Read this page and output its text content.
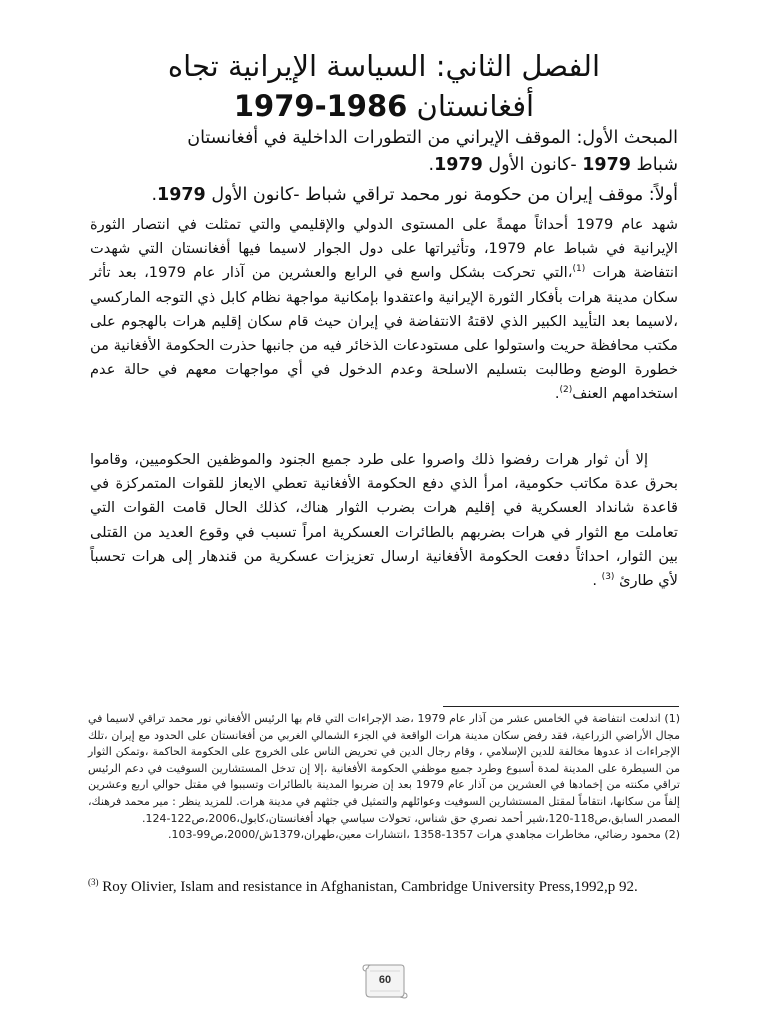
الفصل الثاني: السياسة الإيرانية تجاه
أفغانستان 1979-1986
المبحث الأول: الموقف الإيراني من التطورات الداخلية في أفغانستان
شباط 1979 -كانون الأول 1979.
أولاً: موقف إيران من حكومة نور محمد تراقي شباط -كانون الأول 1979.
شهد عام 1979 أحداثاً مهمةً على المستوى الدولي والإقليمي والتي تمثلت في انتصار الثورة الإيرانية في شباط عام 1979، وتأثيراتها على دول الجوار لاسيما فيها أفغانستان التي شهدت انتفاضة هرات $^{(1)}$،التي تحركت بشكل واسع في الرابع والعشرين من آذار عام 1979، بعد تأثر سكان مدينة هرات بأفكار الثورة الإيرانية واعتقدوا بإمكانية مواجهة نظام كابل ذي التوجه الماركسي ،لاسيما بعد التأييد الكبير الذي لاقتهُ الانتفاضة في إيران حيث قام سكان إقليم هرات بالهجوم على مكتب محافظة حريت واستولوا على مستودعات الذخائر فيه من جانبها حذرت الحكومة الأفغانية من خطورة الوضع وطالبت بتسليم الاسلحة وعدم الدخول في أي مواجهات معهم في حالة عدم استخدامهم العنف$^{(2)}$.
إلا أن ثوار هرات رفضوا ذلك واصروا على طرد جميع الجنود والموظفين الحكوميين، وقاموا بحرق عدة مكاتب حكومية، امرأ الذي دفع الحكومة الأفغانية تعطي الايعاز للقوات المتمركزة في قاعدة شانداد العسكرية في إقليم هرات بضرب الثوار هناك، كذلك الحال قامت القوات التي تعاملت مع الثوار في هرات بضربهم بالطائرات العسكرية امراً تسبب في وقوع العديد من القتلى بين الثوار، احداثاً دفعت الحكومة الأفغانية ارسال تعزيزات عسكرية من قندهار إلى هرات تحسباً لأي طارئ $^{(3)}$ .

(1) اندلعت انتفاضة في الخامس عشر من آذار عام 1979 ،ضد الإجراءات التي قام بها الرئيس الأفغاني نور محمد تراقي لاسيما في مجال الأراضي الزراعية، فقد رفض سكان مدينة هرات الواقعة في الجزء الشمالي الغربي من أفغانستان على الحدود مع إيران ،تلك الإجراءات اذ عدوها مخالفة للدين الإسلامي ، وقام رجال الدين في تحريض الناس على الخروج على الحكومة الحاكمة ،وتمكن الثوار من السيطرة على المدينة لمدة أسبوع وطرد جميع موظفي الحكومة الأفغانية ،إلا إن تدخل المستشارين السوفيت في دعم الرئيس تراقي مكنته من إخمادها في العشرين من آذار عام 1979 بعد إن ضربوا المدينة بالطائرات وتسببوا في مقتل حوالي اربع وعشرين إلفاً من سكانها، انتقاماً لمقتل المستشارين السوفيت وعوائلهم والتمثيل في جثثهم في مدينة هرات. للمزيد ينظر : مير محمد فرهنك، المصدر السابق،ص118-120،شير أحمد نصري حق شناس، تحولات سياسي جهاد أفغانستان،كابول،2006،ص122-124.

(2) محمود رضائي، مخاطرات مجاهدي هرات 1357-1358 ،انتشارات معين،طهران،1379ش/2000،ص99-103.

$^{(3)}$ Roy Olivier, Islam and resistance in Afghanistan, Cambridge University Press,1992,p 92.
60
